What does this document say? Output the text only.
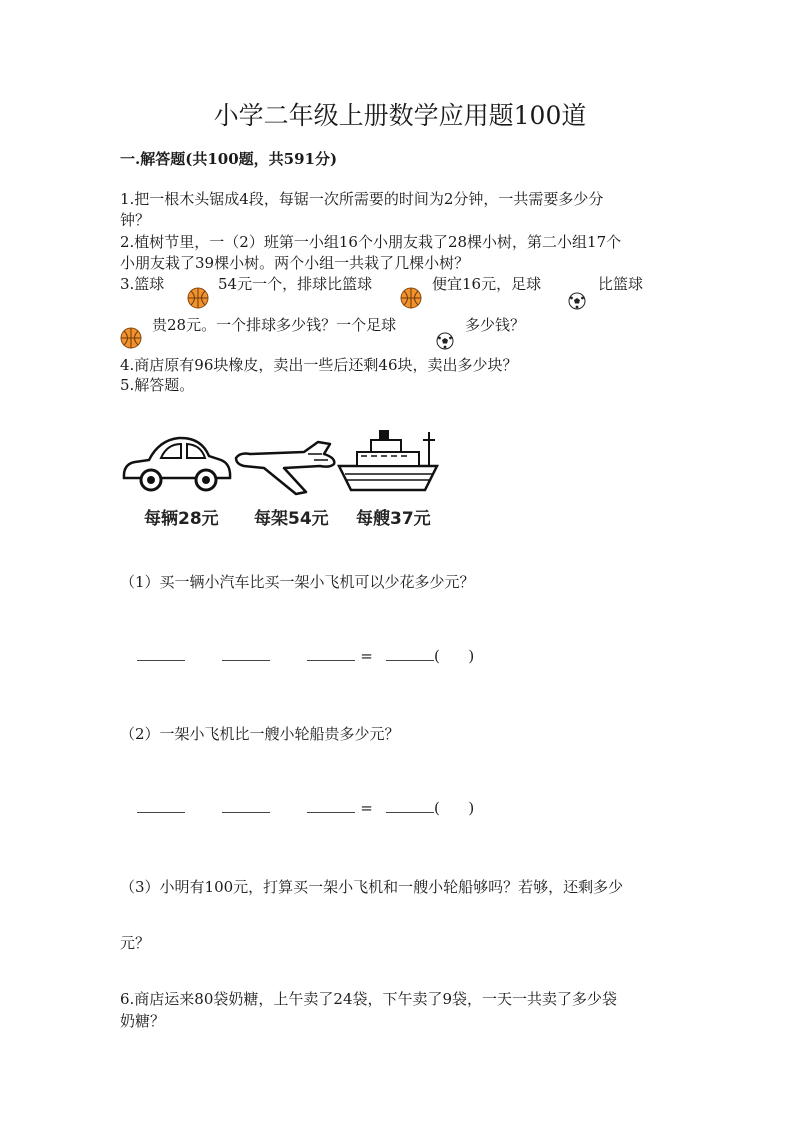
小学二年级上册数学应用题100道
一.解答题(共100题，共591分)
1.把一根木头锯成4段，每锯一次所需要的时间为2分钟，一共需要多少分
钟？
2.植树节里，一（2）班第一小组16个小朋友栽了28棵小树，第二小组17个
小朋友栽了39棵小树。两个小组一共栽了几棵小树？
3.篮球	54元一个，排球比篮球	便宜16元，足球	比篮球
贵28元。一个排球多少钱？一个足球	多少钱？
4.商店原有96块橡皮，卖出一些后还剩46块，卖出多少块？
5.解答题。
每辆28元 每架54元 每艘37元
（1）买一辆小汽车比买一架小飞机可以少花多少元？
=	(      )
（2）一架小飞机比一艘小轮船贵多少元？
=	(      )
（3）小明有100元，打算买一架小飞机和一艘小轮船够吗？若够，还剩多少
元？
6.商店运来80袋奶糖，上午卖了24袋，下午卖了9袋，一天一共卖了多少袋
奶糖？
